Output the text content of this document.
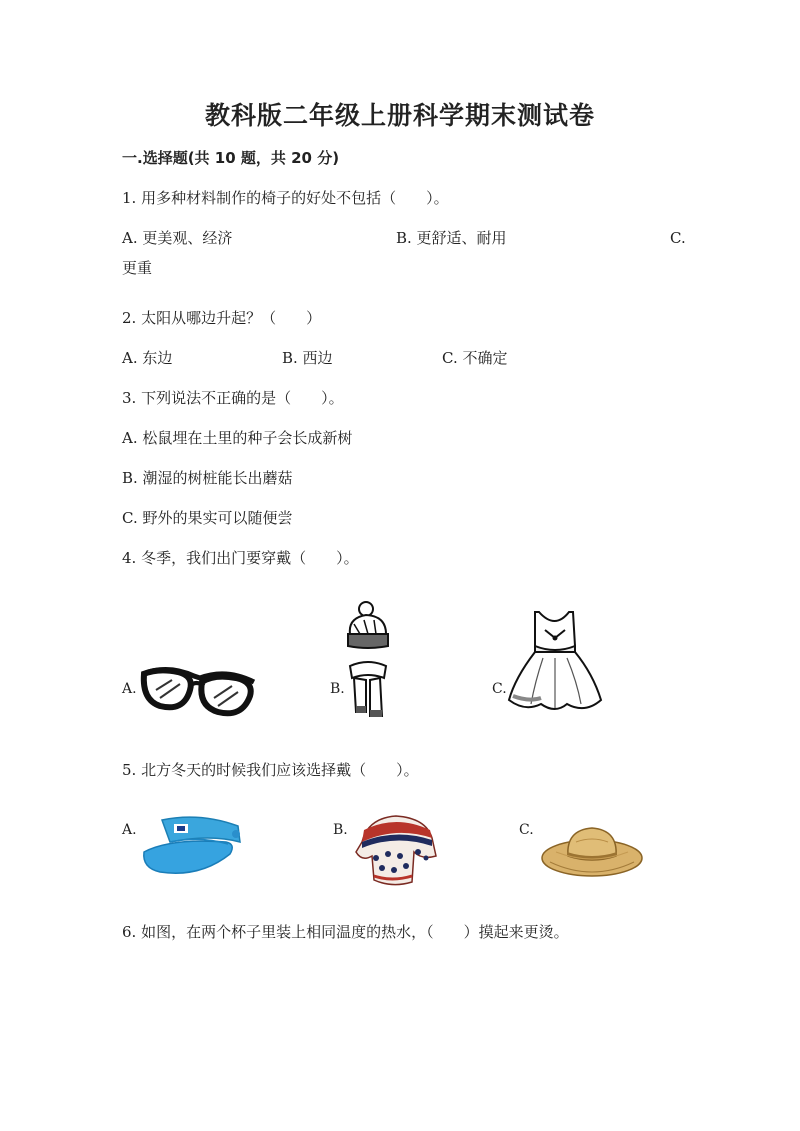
教科版二年级上册科学期末测试卷
一.选择题(共 10 题，共 20 分)
1. 用多种材料制作的椅子的好处不包括（　　）。
A. 更美观、经济	B. 更舒适、耐用	C.
更重
2. 太阳从哪边升起？（　　）
A. 东边	B. 西边	C. 不确定
3. 下列说法不正确的是（　　）。
A. 松鼠埋在土里的种子会长成新树
B. 潮湿的树桩能长出蘑菇
C. 野外的果实可以随便尝
4. 冬季，我们出门要穿戴（　　）。
A.	B.	C.
5. 北方冬天的时候我们应该选择戴（　　）。
A.	B.	C.
6. 如图，在两个杯子里装上相同温度的热水，（　　）摸起来更烫。
